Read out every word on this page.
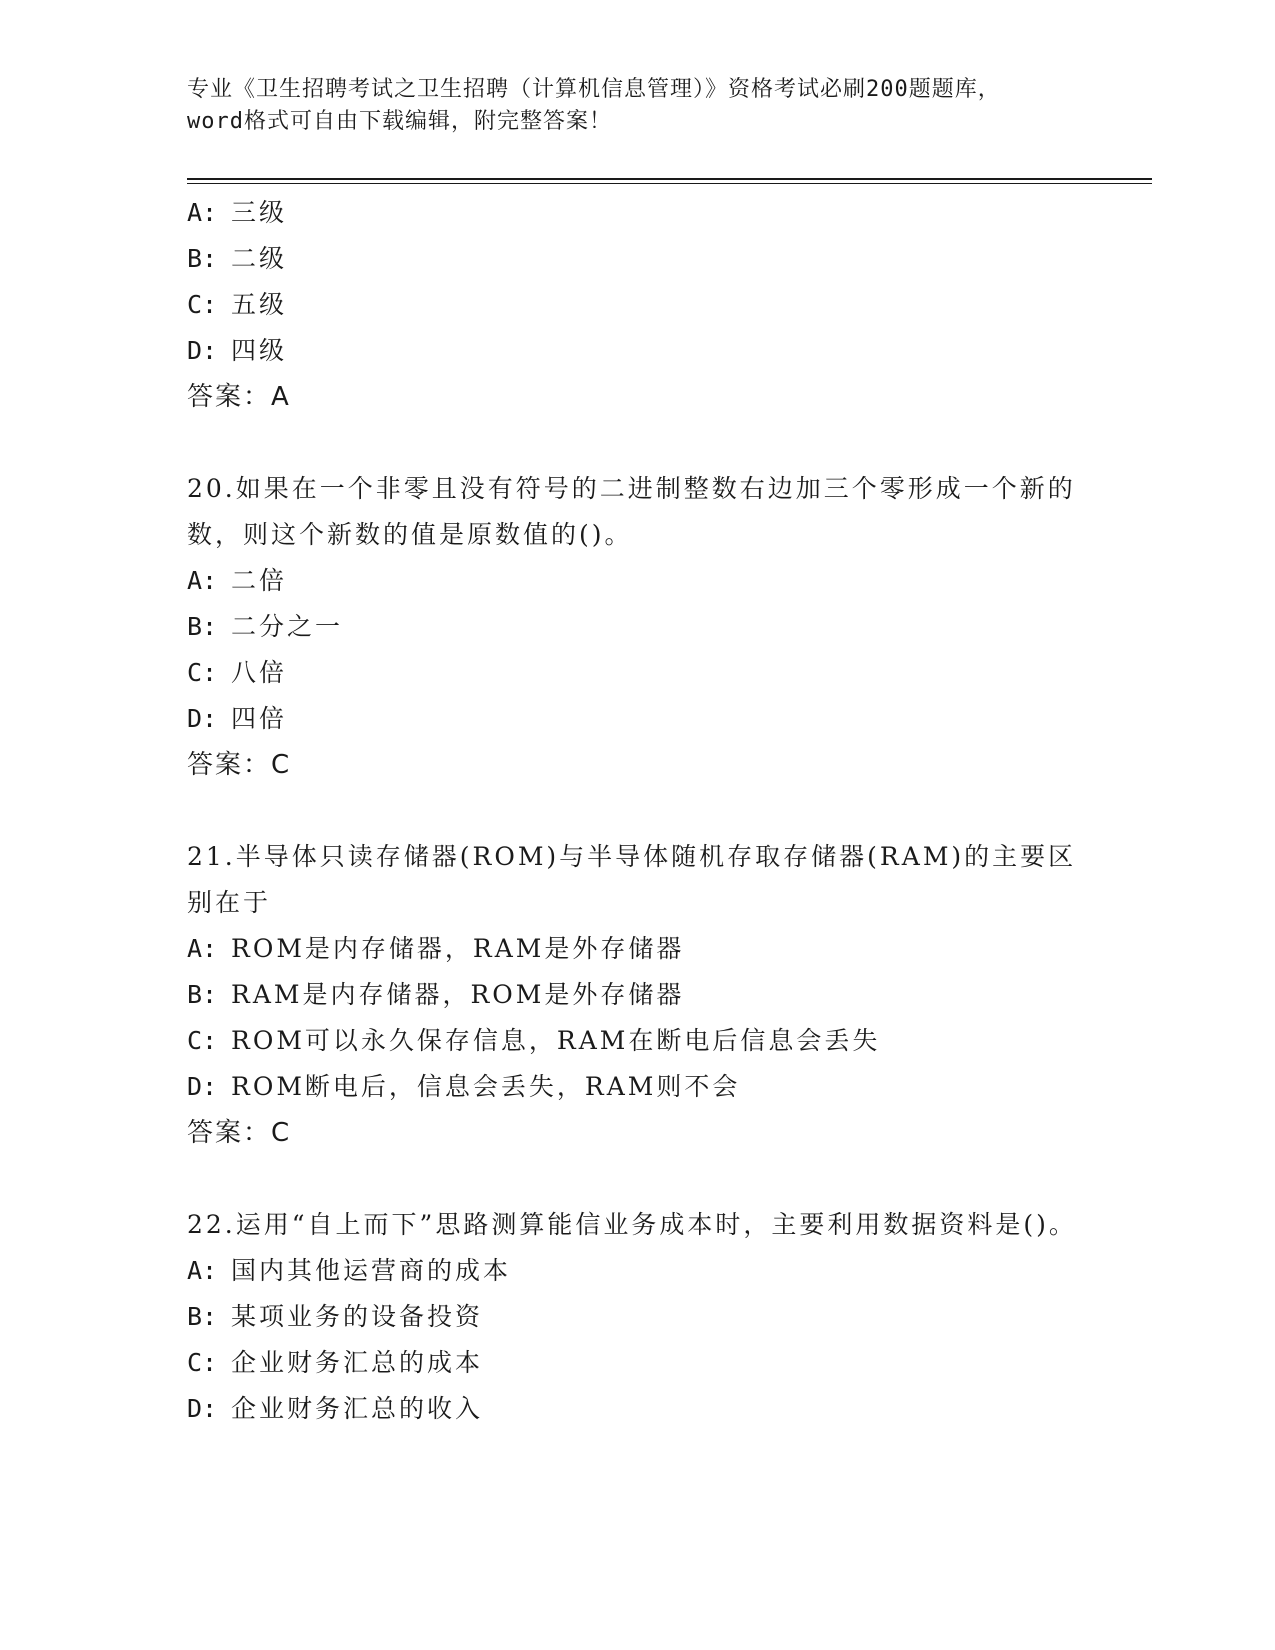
专业《卫生招聘考试之卫生招聘（计算机信息管理）》资格考试必刷200题题库，

word格式可自由下载编辑，附完整答案！

A: 三级
B: 二级
C: 五级
D: 四级
答案：A
20.如果在一个非零且没有符号的二进制整数右边加三个零形成一个新的数，则这个新数的值是原数值的()。
A: 二倍
B: 二分之一
C: 八倍
D: 四倍
答案：C
21.半导体只读存储器(ROM)与半导体随机存取存储器(RAM)的主要区别在于
A: ROM是内存储器，RAM是外存储器
B: RAM是内存储器，ROM是外存储器
C: ROM可以永久保存信息，RAM在断电后信息会丢失
D: ROM断电后，信息会丢失，RAM则不会
答案：C
22.运用“自上而下”思路测算能信业务成本时，主要利用数据资料是()。
A: 国内其他运营商的成本
B: 某项业务的设备投资
C: 企业财务汇总的成本
D: 企业财务汇总的收入
